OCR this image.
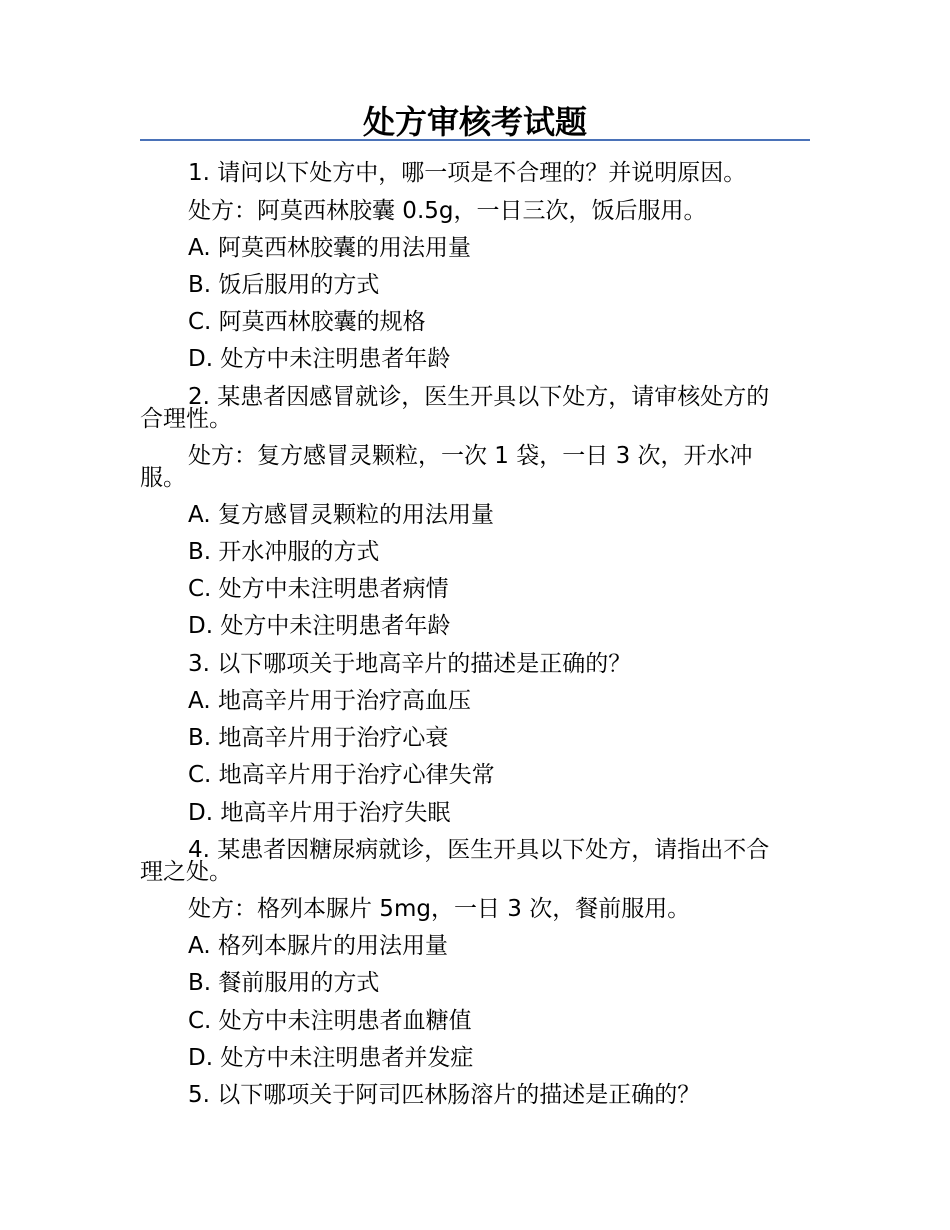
处方审核考试题

1. 请问以下处方中，哪一项是不合理的？并说明原因。

处方：阿莫西林胶囊 0.5g，一日三次，饭后服用。

A. 阿莫西林胶囊的用法用量

B. 饭后服用的方式

C. 阿莫西林胶囊的规格

D. 处方中未注明患者年龄

2. 某患者因感冒就诊，医生开具以下处方，请审核处方的

合理性。

处方：复方感冒灵颗粒，一次 1 袋，一日 3 次，开水冲

服。

A. 复方感冒灵颗粒的用法用量

B. 开水冲服的方式

C. 处方中未注明患者病情

D. 处方中未注明患者年龄

3. 以下哪项关于地高辛片的描述是正确的？

A. 地高辛片用于治疗高血压

B. 地高辛片用于治疗心衰

C. 地高辛片用于治疗心律失常

D. 地高辛片用于治疗失眠

4. 某患者因糖尿病就诊，医生开具以下处方，请指出不合

理之处。

处方：格列本脲片 5mg，一日 3 次，餐前服用。

A. 格列本脲片的用法用量

B. 餐前服用的方式

C. 处方中未注明患者血糖值

D. 处方中未注明患者并发症

5. 以下哪项关于阿司匹林肠溶片的描述是正确的？
